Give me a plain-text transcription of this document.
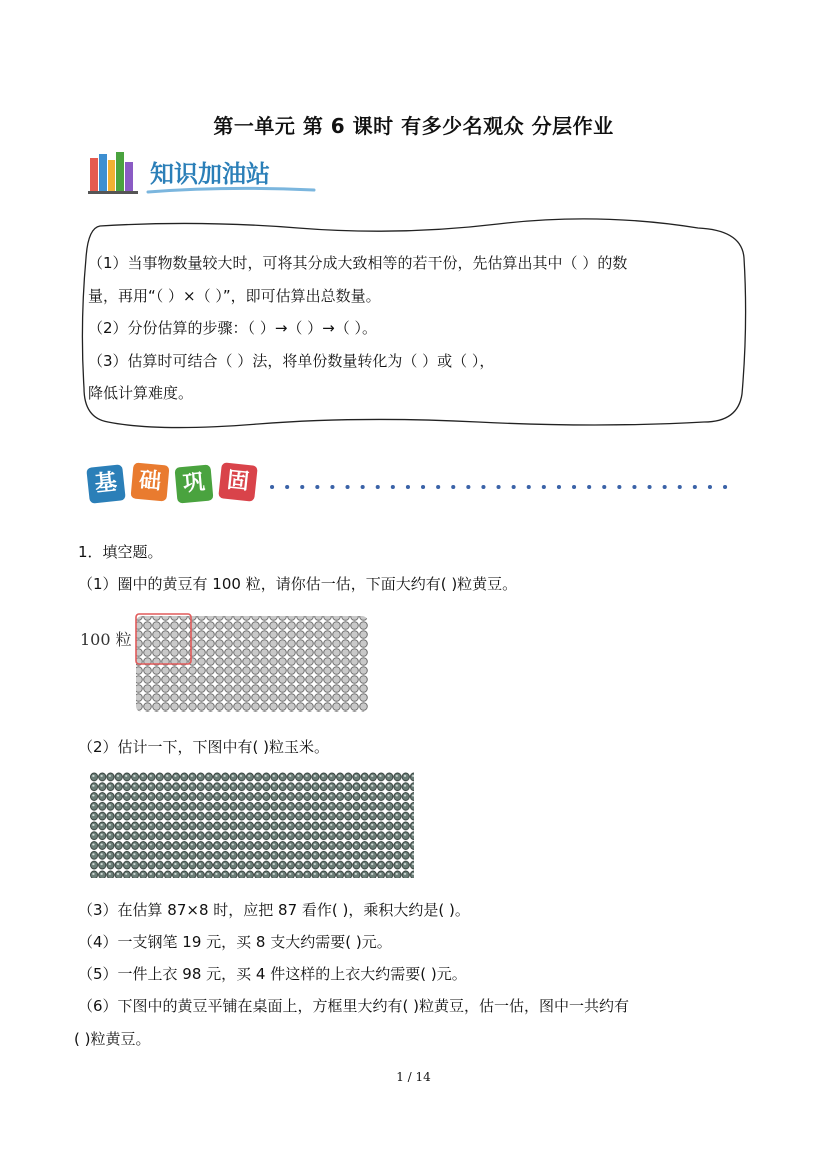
第一单元 第 6 课时 有多少名观众 分层作业
知识加油站
（1）当事物数量较大时，可将其分成大致相等的若干份，先估算出其中（ ）的数
量，再用“（ ）×（ ）”，即可估算出总数量。
（2）分份估算的步骤：（ ）→（ ）→（ ）。
（3）估算时可结合（ ）法，将单份数量转化为（ ）或（ ），
降低计算难度。
基 础 巩 固
1．填空题。
（1）圈中的黄豆有 100 粒，请你估一估，下面大约有( )粒黄豆。
100 粒
（2）估计一下，下图中有( )粒玉米。
（3）在估算 87×8 时，应把 87 看作( )，乘积大约是( )。
（4）一支钢笔 19 元，买 8 支大约需要( )元。
（5）一件上衣 98 元，买 4 件这样的上衣大约需要( )元。
（6）下图中的黄豆平铺在桌面上，方框里大约有( )粒黄豆，估一估，图中一共约有
( )粒黄豆。
1 / 14
